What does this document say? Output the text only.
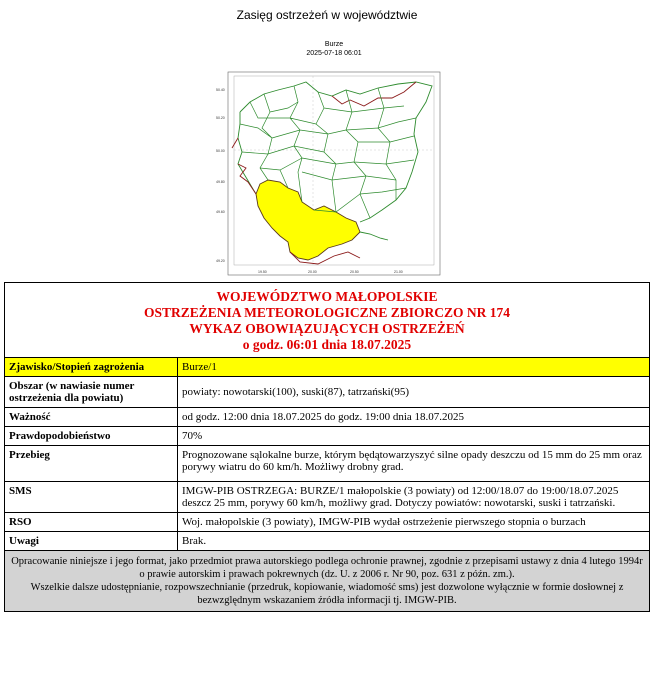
Zasięg ostrzeżeń w województwie
Burze
2025-07-18 06:01
50.40
50.20
50.00
49.80
49.60
49.20
19.50	20.00	20.50	21.00
WOJEWÓDZTWO MAŁOPOLSKIE
OSTRZEŻENIA METEOROLOGICZNE ZBIORCZO NR 174
WYKAZ OBOWIĄZUJĄCYCH OSTRZEŻEŃ
o godz. 06:01 dnia 18.07.2025	

Zjawisko/Stopień zagrożenia	Burze/1
Obszar (w nawiasie numer ostrzeżenia dla powiatu)	powiaty: nowotarski(100), suski(87), tatrzański(95)
Ważność	od godz. 12:00 dnia 18.07.2025 do godz. 19:00 dnia 18.07.2025
Prawdopodobieństwo	70%
Przebieg	Prognozowane sąlokalne burze, którym będątowarzyszyć silne opady deszczu od 15 mm do 25 mm oraz porywy wiatru do 60 km/h. Możliwy drobny grad.
SMS	IMGW-PIB OSTRZEGA: BURZE/1 małopolskie (3 powiaty) od 12:00/18.07 do 19:00/18.07.2025 deszcz 25 mm, porywy 60 km/h, możliwy grad. Dotyczy powiatów: nowotarski, suski i tatrzański.
RSO	Woj. małopolskie (3 powiaty), IMGW-PIB wydał ostrzeżenie pierwszego stopnia o burzach
Uwagi	Brak.

Opracowanie niniejsze i jego format, jako przedmiot prawa autorskiego podlega ochronie prawnej, zgodnie z przepisami ustawy z dnia 4 lutego 1994r o prawie autorskim i prawach pokrewnych (dz. U. z 2006 r. Nr 90, poz. 631 z późn. zm.).
Wszelkie dalsze udostępnianie, rozpowszechnianie (przedruk, kopiowanie, wiadomość sms) jest dozwolone wyłącznie w formie dosłownej z bezwzględnym wskazaniem źródła informacji tj. IMGW-PIB.	
